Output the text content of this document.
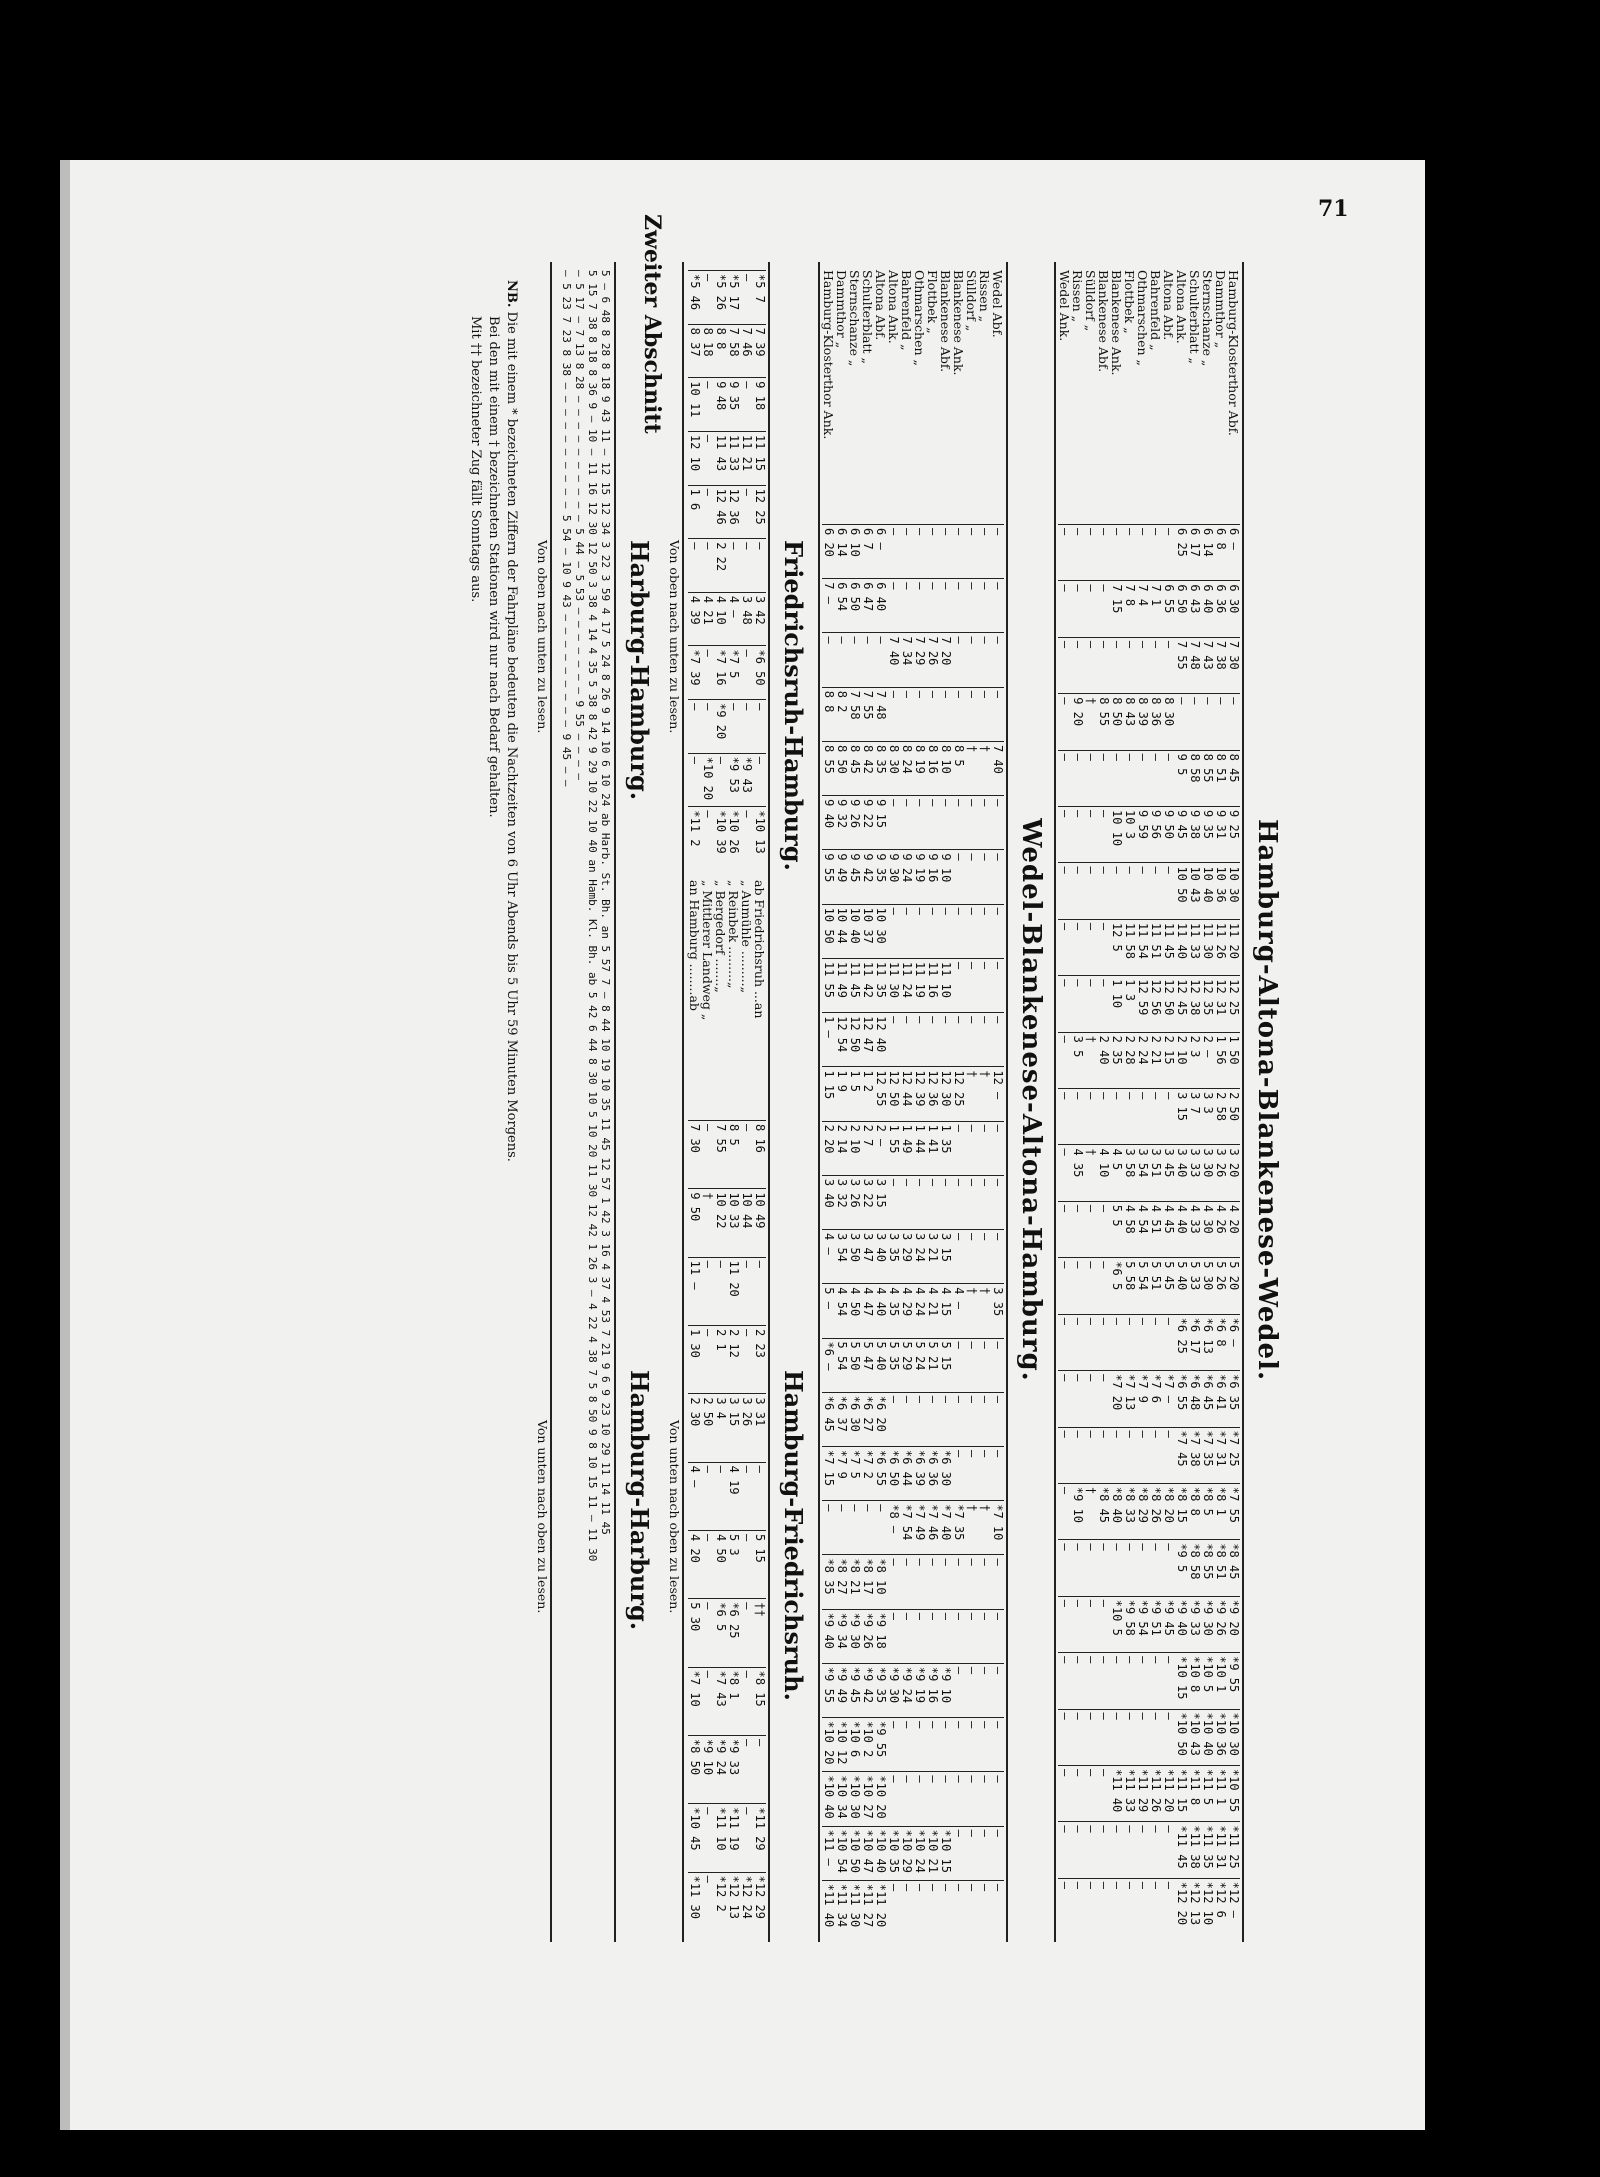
71
Zweiter Abschnitt
Hamburg-Altona-Blankenese-Wedel.
Hamburg-Klosterthor Abf.
Dammthor „
Sternschanze „
Schulterblatt „
Altona Ank.
Altona Abf.
Bahrenfeld „
Othmarschen „
Flottbek „
Blankenese Ank.
Blankenese Abf.
Sülldorf „
Rissen „
Wedel Ank.
6 —
6 8
6 14
6 17
6 25
—
—
—
—
—
—
—
—
—
6 30
6 36
6 40
6 43
6 50
6 55
7 1
7 4
7 8
7 15
—
—
—
—
7 30
7 38
7 43
7 48
7 55
—
—
—
—
—
—
—
—
—
—
—
—
—
—
8 30
8 36
8 39
8 43
8 50
8 55
†
9 20
—
8 45
8 51
8 55
8 58
9 5
—
—
—
—
—
—
—
—
—
9 25
9 31
9 35
9 38
9 45
9 50
9 56
9 59
10 3
10 10
—
—
—
—
10 30
10 36
10 40
10 43
10 50
—
—
—
—
—
—
—
—
—
11 20
11 26
11 30
11 33
11 40
11 45
11 51
11 54
11 58
12 5
—
—
—
—
12 25
12 31
12 35
12 38
12 45
12 50
12 56
12 59
1 3
1 10
—
—
—
—
1 50
1 56
2 —
2 3
2 10
2 15
2 21
2 24
2 28
2 35
2 40
†
3 5
—
2 50
2 58
3 3
3 7
3 15
—
—
—
—
—
—
—
—
—
3 20
3 26
3 30
3 33
3 40
3 45
3 51
3 54
3 58
4 5
4 10
†
4 35
—
4 20
4 26
4 30
4 33
4 40
4 45
4 51
4 54
4 58
5 5
—
—
—
—
5 20
5 26
5 30
5 33
5 40
5 45
5 51
5 54
5 58
*6 5
—
—
—
—
*6 —
*6 8
*6 13
*6 17
*6 25
—
—
—
—
—
—
—
—
—
*6 35
*6 41
*6 45
*6 48
*6 55
*7 —
*7 6
*7 9
*7 13
*7 20
—
—
—
—
*7 25
*7 31
*7 35
*7 38
*7 45
—
—
—
—
—
—
—
—
—
*7 55
*8 1
*8 5
*8 8
*8 15
*8 20
*8 26
*8 29
*8 33
*8 40
*8 45
†
*9 10
—
*8 45
*8 51
*8 55
*8 58
*9 5
—
—
—
—
—
—
—
—
—
*9 20
*9 26
*9 30
*9 33
*9 40
*9 45
*9 51
*9 54
*9 58
*10 5
—
—
—
—
*9 55
*10 1
*10 5
*10 8
*10 15
—
—
—
—
—
—
—
—
—
*10 30
*10 36
*10 40
*10 43
*10 50
—
—
—
—
—
—
—
—
—
*10 55
*11 1
*11 5
*11 8
*11 15
*11 20
*11 26
*11 29
*11 33
*11 40
—
—
—
—
*11 25
*11 31
*11 35
*11 38
*11 45
—
—
—
—
—
—
—
—
—
*12 —
*12 6
*12 10
*12 13
*12 20
—
—
—
—
—
—
—
—
—
Wedel-Blankenese-Altona-Hamburg.
Wedel Abf.
Rissen „
Sülldorf „
Blankenese Ank.
Blankenese Abf.
Flottbek „
Othmarschen „
Bahrenfeld „
Altona Ank.
Altona Abf.
Schulterblatt „
Sternschanze „
Dammthor „
Hamburg-Klosterthor Ank.
—
—
—
—
—
—
—
—
—
6 —
6 7
6 10
6 14
6 20
—
—
—
—
—
—
—
—
—
6 40
6 47
6 50
6 54
7 —
—
—
—
—
7 20
7 26
7 29
7 34
7 40
—
—
—
—
—
—
—
—
—
—
—
—
—
—
7 48
7 55
7 58
8 2
8 8
7 40
†
†
8 5
8 10
8 16
8 19
8 24
8 30
8 35
8 42
8 45
8 50
8 55
—
—
—
—
—
—
—
—
—
9 15
9 22
9 26
9 32
9 40
—
—
—
—
9 10
9 16
9 19
9 24
9 30
9 35
9 42
9 45
9 49
9 55
—
—
—
—
—
—
—
—
—
10 30
10 37
10 40
10 44
10 50
—
—
—
—
11 10
11 16
11 19
11 24
11 30
11 35
11 42
11 45
11 49
11 55
—
—
—
—
—
—
—
—
—
12 40
12 47
12 50
12 54
1 —
12 —
†
†
12 25
12 30
12 36
12 39
12 44
12 50
12 55
1 2
1 5
1 9
1 15
—
—
—
—
1 35
1 41
1 44
1 49
1 55
2 —
2 7
2 10
2 14
2 20
—
—
—
—
—
—
—
—
—
3 15
3 22
3 26
3 32
3 40
—
—
—
—
3 15
3 21
3 24
3 29
3 35
3 40
3 47
3 50
3 54
4 —
3 35
†
†
4 —
4 15
4 21
4 24
4 29
4 35
4 40
4 47
4 50
4 54
5 —
—
—
—
—
5 15
5 21
5 24
5 29
5 35
5 40
5 47
5 50
5 54
*6 —
—
—
—
—
—
—
—
—
—
*6 20
*6 27
*6 30
*6 37
*6 45
—
—
—
—
*6 30
*6 36
*6 39
*6 44
*6 50
*6 55
*7 2
*7 5
*7 9
*7 15
*7 10
†
†
*7 35
*7 40
*7 46
*7 49
*7 54
*8 —
—
—
—
—
—
—
—
—
—
—
—
—
—
—
*8 10
*8 17
*8 21
*8 27
*8 35
—
—
—
—
—
—
—
—
—
*9 18
*9 26
*9 30
*9 34
*9 40
—
—
—
—
*9 10
*9 16
*9 19
*9 24
*9 30
*9 35
*9 42
*9 45
*9 49
*9 55
—
—
—
—
—
—
—
—
—
*9 55
*10 2
*10 6
*10 12
*10 20
—
—
—
—
—
—
—
—
—
*10 20
*10 27
*10 30
*10 34
*10 40
—
—
—
—
*10 15
*10 21
*10 24
*10 29
*10 35
*10 40
*10 47
*10 50
*10 54
*11 —
—
—
—
—
—
—
—
—
—
*11 20
*11 27
*11 30
*11 34
*11 40
Friedrichsruh-Hamburg.
Hamburg-Friedrichsruh.
*5 7
—
*5 17
*5 26
—
*5 46
7 39
7 46
7 58
8 8
8 18
8 37
9 18
—
9 35
9 48
—
10 11
11 15
11 21
11 33
11 43
—
12 10
12 25
—
12 36
12 46
—
1 6
—
—
—
2 22
—
—
3 42
3 48
4 —
4 10
4 21
4 39
*6 50
—
*7 5
*7 16
—
*7 39
—
—
—
*9 20
—
—
—
*9 43
*9 53
—
*10 20
—
*10 13
—
*10 26
*10 39
—
*11 2
ab Friedrichsruh ...an
„ Aumühle .........„
„ Reinbek .........„
„ Bergedorf .......„
„ Mittlerer Landweg „
an Hamburg ........ab
8 16
—
8 5
7 55
—
7 30
10 49
10 44
10 33
10 22
†
9 50
—
—
11 20
—
—
11 —
2 23
—
2 12
2 1
—
1 30
3 31
3 26
3 15
3 4
2 50
2 30
—
—
4 19
—
—
4 —
5 15
—
5 3
4 50
—
4 20
††
—
*6 25
*6 5
—
5 30
*8 15
—
*8 1
*7 43
—
*7 10
—
—
*9 33
*9 24
*9 10
*8 50
*11 29
—
*11 19
*11 10
—
*10 45
*12 29
*12 24
*12 13
*12 2
—
*11 30
Von oben nach unten zu lesen.
Von unten nach oben zu lesen.
Harburg-Hamburg.
Hamburg-Harburg.
5 — 6 48 8 28 8 18 9 43 11 — 12 15 12 34 3 22 3 59 4 17 5 24 8 26 9 14 10 6 10 24 ab Harb. St. Bh. an 5 57 7 — 8 44 10 19 10 35 11 45 12 57 1 42 3 16 4 37 4 53 7 21 9 6 9 23 10 29 11 14 11 45
5 15 7 38 8 18 8 36 9 — 10 — 11 16 12 30 12 50 3 38 4 14 4 35 5 38 8 42 9 29 10 22 10 40 an Hamb. Kl. Bh. ab 5 42 6 44 8 30 10 5 10 20 11 30 12 42 1 26 3 — 4 22 4 38 7 5 8 50 9 8 10 15 11 — 11 30
— 5 17 — 7 13 8 28 — — — — — — — — — — 5 44 — 5 53 — — — — — — — 9 55 — — — —
— 5 23 7 23 8 38 — — — — — — — — — — 5 54 — 10 9 43 — — — — — — — — — 9 45 — —
Von oben nach unten zu lesen.
Von unten nach oben zu lesen.
NB. Die mit einem * bezeichneten Ziffern der Fahrpläne bedeuten die Nachtzeiten von 6 Uhr Abends bis 5 Uhr 59 Minuten Morgens.
Bei den mit einem † bezeichneten Stationen wird nur nach Bedarf gehalten.
Mit †† bezeichneter Zug fällt Sonntags aus.
